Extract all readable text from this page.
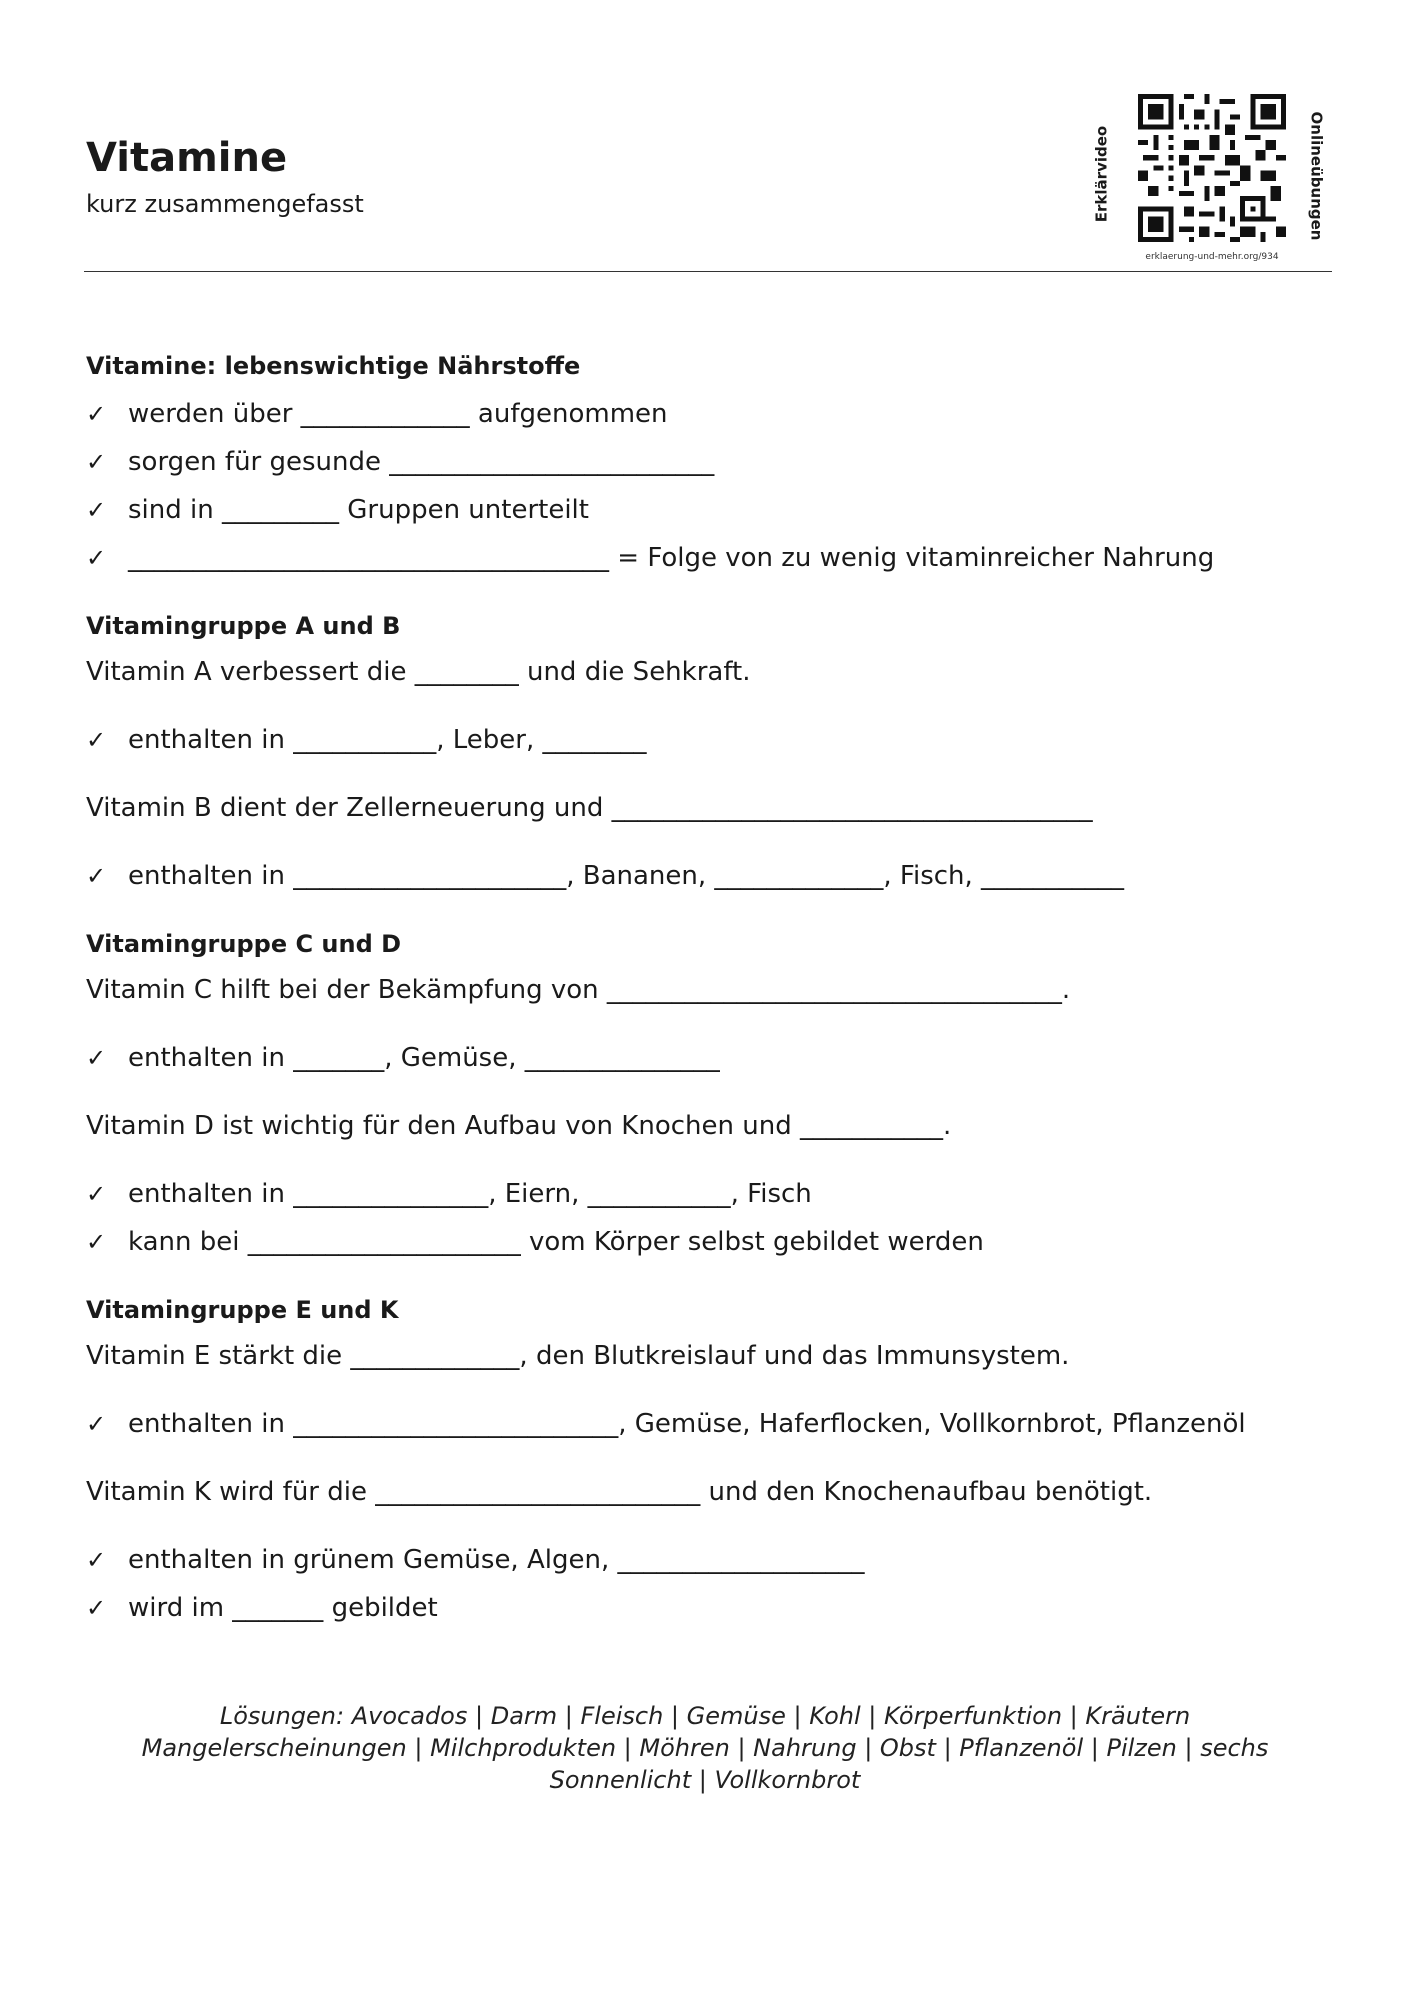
Vitamine
kurz zusammengefasst	Erklärvideo	Onlineübungen
erklaerung-und-mehr.org/934
Vitamine: lebenswichtige Nährstoffe
✓ werden über _____________ aufgenommen
✓ sorgen für gesunde _________________________
✓ sind in _________ Gruppen unterteilt
✓ _____________________________________ = Folge von zu wenig vitaminreicher Nahrung
Vitamingruppe A und B
Vitamin A verbessert die ________ und die Sehkraft.
✓ enthalten in ___________, Leber, ________
Vitamin B dient der Zellerneuerung und _____________________________________
✓ enthalten in _____________________, Bananen, _____________, Fisch, ___________
Vitamingruppe C und D
Vitamin C hilft bei der Bekämpfung von ___________________________________.
✓ enthalten in _______, Gemüse, _______________
Vitamin D ist wichtig für den Aufbau von Knochen und ___________.
✓ enthalten in _______________, Eiern, ___________, Fisch
✓ kann bei _____________________ vom Körper selbst gebildet werden
Vitamingruppe E und K
Vitamin E stärkt die _____________, den Blutkreislauf und das Immunsystem.
✓ enthalten in _________________________, Gemüse, Haferflocken, Vollkornbrot, Pflanzenöl
Vitamin K wird für die _________________________ und den Knochenaufbau benötigt.
✓ enthalten in grünem Gemüse, Algen, ___________________
✓ wird im _______ gebildet
Lösungen: Avocados | Darm | Fleisch | Gemüse | Kohl | Körperfunktion | Kräutern Mangelerscheinungen | Milchprodukten | Möhren | Nahrung | Obst | Pflanzenöl | Pilzen | sechs Sonnenlicht | Vollkornbrot
